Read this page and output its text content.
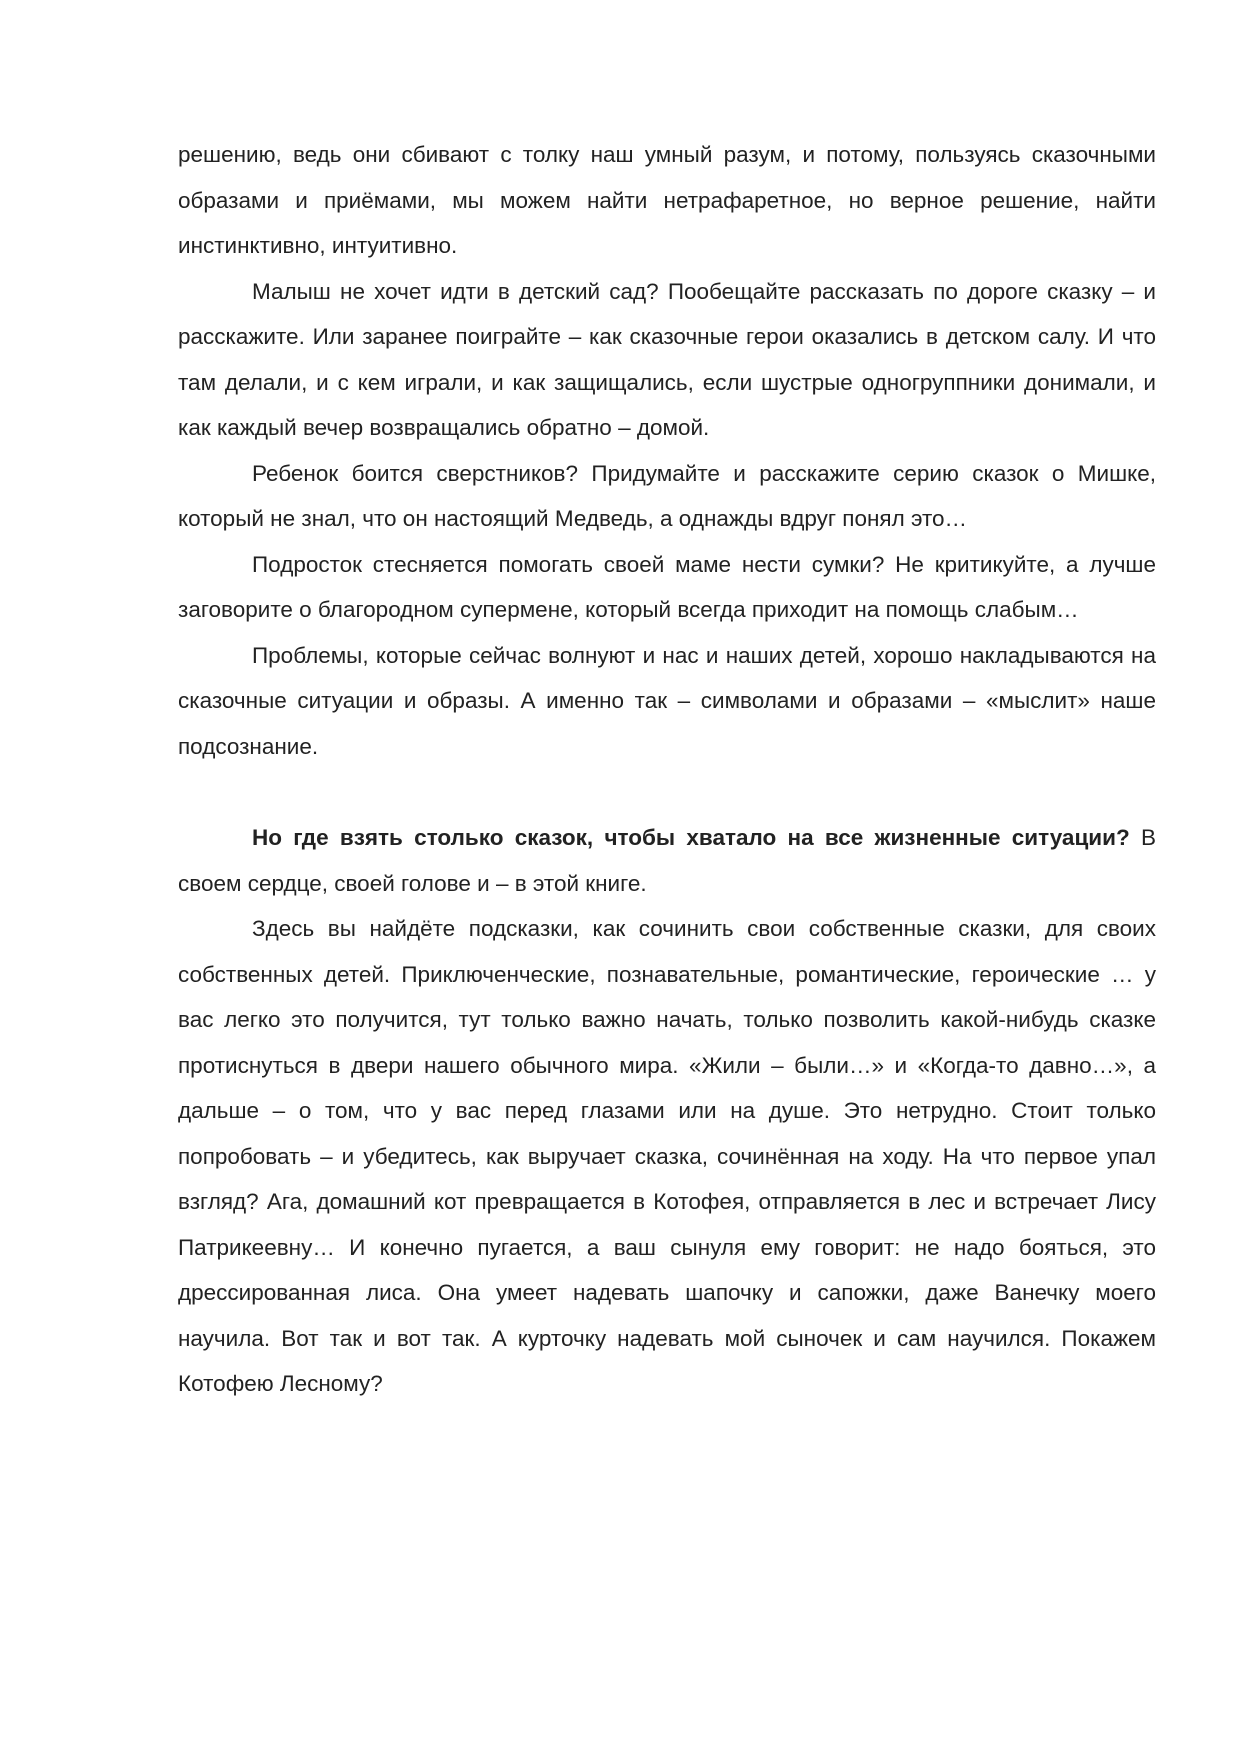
решению, ведь они сбивают с толку наш умный разум, и потому, пользуясь сказочными образами и приёмами, мы можем найти нетрафаретное, но верное решение, найти инстинктивно, интуитивно.

Малыш не хочет идти в детский сад? Пообещайте рассказать по дороге сказку – и расскажите. Или заранее поиграйте – как сказочные герои оказались в детском салу. И что там делали, и с кем играли, и как защищались, если шустрые одногруппники донимали, и как каждый вечер возвращались обратно – домой.

Ребенок боится сверстников? Придумайте и расскажите серию сказок о Мишке, который не знал, что он настоящий Медведь, а однажды вдруг понял это…

Подросток стесняется помогать своей маме нести сумки? Не критикуйте, а лучше заговорите о благородном супермене, который всегда приходит на помощь слабым…

Проблемы, которые сейчас волнуют и нас и наших детей, хорошо накладываются на сказочные ситуации и образы. А именно так – символами и образами – «мыслит» наше подсознание.

Но где взять столько сказок, чтобы хватало на все жизненные ситуации? В своем сердце, своей голове и – в этой книге.

Здесь вы найдёте подсказки, как сочинить свои собственные сказки, для своих собственных детей. Приключенческие, познавательные, романтические, героические … у вас легко это получится, тут только важно начать, только позволить какой-нибудь сказке протиснуться в двери нашего обычного мира. «Жили – были…» и «Когда-то давно…», а дальше – о том, что у вас перед глазами или на душе. Это нетрудно. Стоит только попробовать – и убедитесь, как выручает сказка, сочинённая на ходу. На что первое упал взгляд? Ага, домашний кот превращается в Котофея, отправляется в лес и встречает Лису Патрикеевну… И конечно пугается, а ваш сынуля ему говорит: не надо бояться, это дрессированная лиса. Она умеет надевать шапочку и сапожки, даже Ванечку моего научила. Вот так и вот так. А курточку надевать мой сыночек и сам научился. Покажем Котофею Лесному?
